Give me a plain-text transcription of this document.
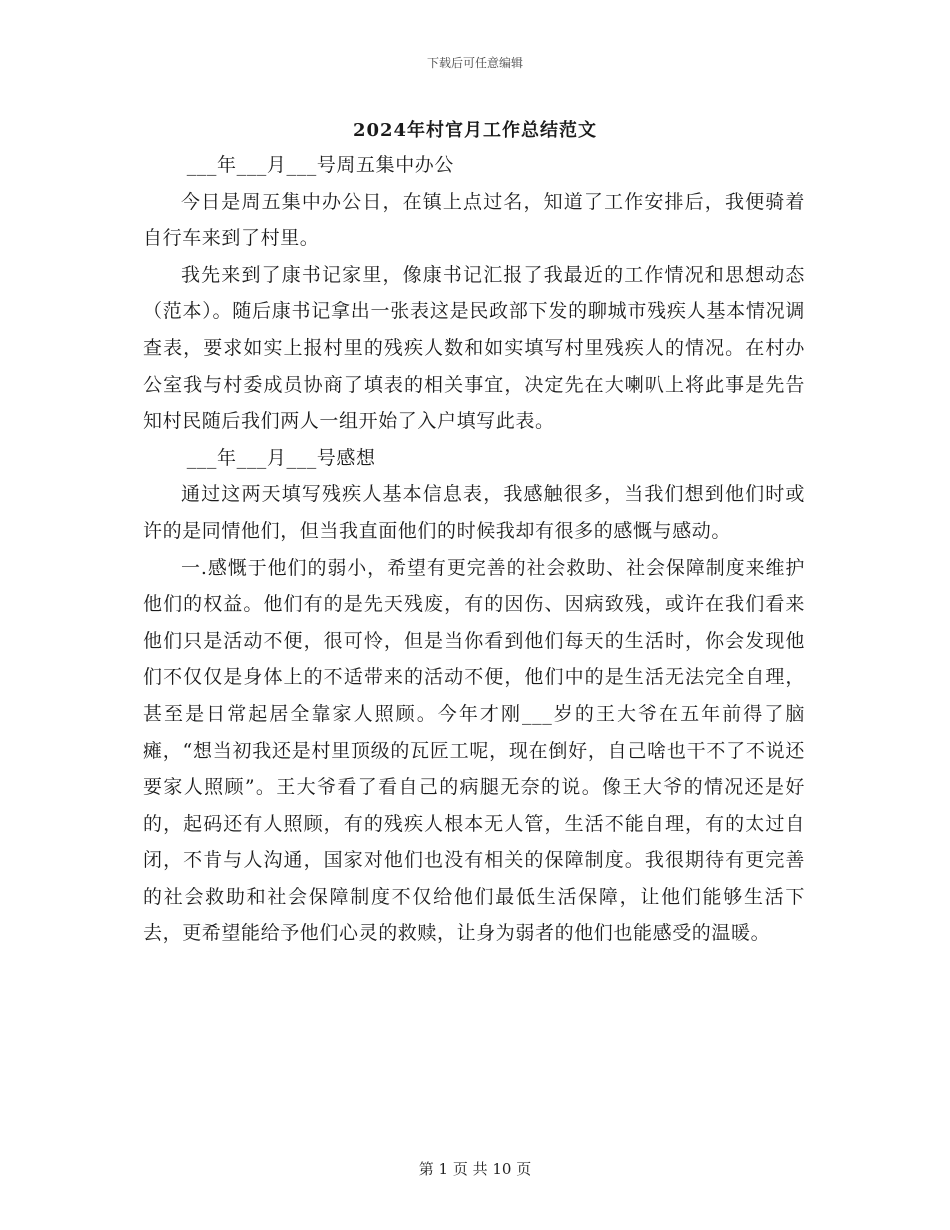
下载后可任意编辑
2024年村官月工作总结范文

___年___月___号周五集中办公

今日是周五集中办公日，在镇上点过名，知道了工作安排后，我便骑着自行车来到了村里。

我先来到了康书记家里，像康书记汇报了我最近的工作情况和思想动态（范本）。随后康书记拿出一张表这是民政部下发的聊城市残疾人基本情况调查表，要求如实上报村里的残疾人数和如实填写村里残疾人的情况。在村办公室我与村委成员协商了填表的相关事宜，决定先在大喇叭上将此事是先告知村民随后我们两人一组开始了入户填写此表。

___年___月___号感想

通过这两天填写残疾人基本信息表，我感触很多，当我们想到他们时或许的是同情他们，但当我直面他们的时候我却有很多的感慨与感动。

一.感慨于他们的弱小，希望有更完善的社会救助、社会保障制度来维护他们的权益。他们有的是先天残废，有的因伤、因病致残，或许在我们看来他们只是活动不便，很可怜，但是当你看到他们每天的生活时，你会发现他们不仅仅是身体上的不适带来的活动不便，他们中的是生活无法完全自理，甚至是日常起居全靠家人照顾。今年才刚___岁的王大爷在五年前得了脑瘫，“想当初我还是村里顶级的瓦匠工呢，现在倒好，自己啥也干不了不说还要家人照顾”。王大爷看了看自己的病腿无奈的说。像王大爷的情况还是好的，起码还有人照顾，有的残疾人根本无人管，生活不能自理，有的太过自闭，不肯与人沟通，国家对他们也没有相关的保障制度。我很期待有更完善的社会救助和社会保障制度不仅给他们最低生活保障，让他们能够生活下去，更希望能给予他们心灵的救赎，让身为弱者的他们也能感受的温暖。

第 1 页 共 10 页
